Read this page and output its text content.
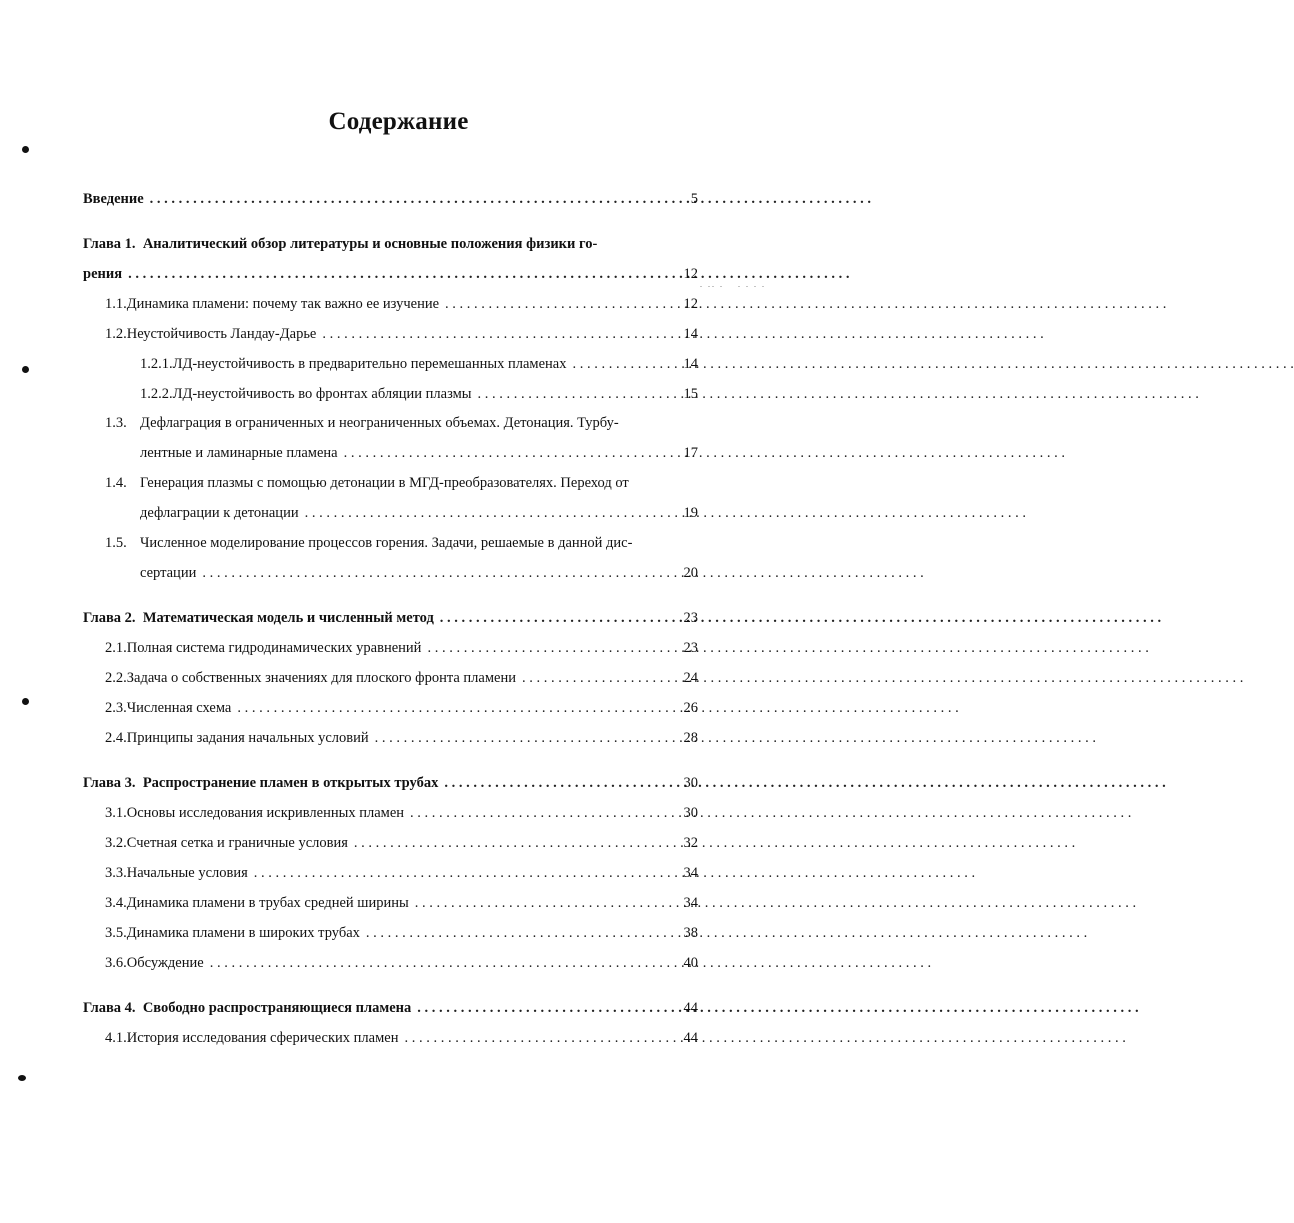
Содержание
Введение . . .	5
Глава 1. Аналитический обзор литературы и основные положения физики го-
рения . . .	12
1.1. Динамика пламени: почему так важно ее изучение . . .	12
1.2. Неустойчивость Ландау-Дарье . . .	14
1.2.1. ЛД-неустойчивость в предварительно перемешанных пламенах . . .	14
1.2.2. ЛД-неустойчивость во фронтах абляции плазмы . . .	15
1.3. Дефлаграция в ограниченных и неограниченных объемах. Детонация. Турбу-
лентные и ламинарные пламена . . .	17
1.4. Генерация плазмы с помощью детонации в МГД-преобразователях. Переход от
дефлаграции к детонации . . .	19
1.5. Численное моделирование процессов горения. Задачи, решаемые в данной дис-
сертации . . .	20
Глава 2. Математическая модель и численный метод . . .	23
2.1. Полная система гидродинамических уравнений . . .	23
2.2. Задача о собственных значениях для плоского фронта пламени . . .	24
2.3. Численная схема . . .	26
2.4. Принципы задания начальных условий . . .	28
Глава 3. Распространение пламен в открытых трубах . . .	30
3.1. Основы исследования искривленных пламен . . .	30
3.2. Счетная сетка и граничные условия . . .	32
3.3. Начальные условия . . .	34
3.4. Динамика пламени в трубах средней ширины . . .	34
3.5. Динамика пламени в широких трубах . . .	38
3.6. Обсуждение . . .	40
Глава 4. Свободно распространяющиеся пламена . . .	44
4.1. История исследования сферических пламен . . .	44
. .. . . . . .
